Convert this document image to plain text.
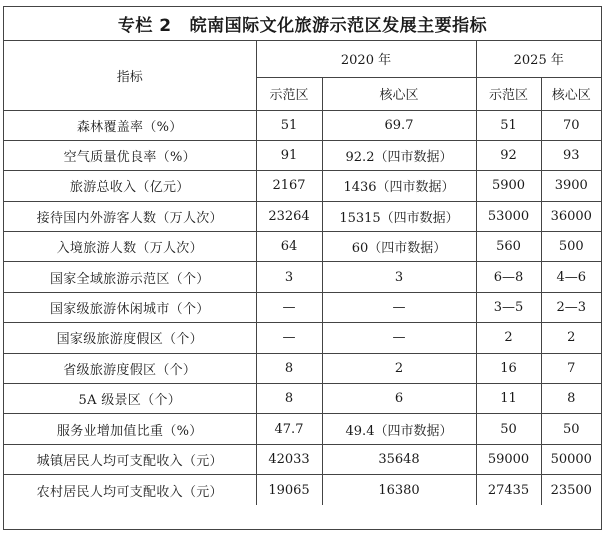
专栏 2 皖南国际文化旅游示范区发展主要指标
指标	2020 年		2025 年	
	示范区	核心区	示范区	核心区
森林覆盖率（%）	51	69.7	51	70
空气质量优良率（%）	91	92.2（四市数据）	92	93
旅游总收入（亿元）	2167	1436（四市数据）	5900	3900
接待国内外游客人数（万人次）	23264	15315（四市数据）	53000	36000
入境旅游人数（万人次）	64	60（四市数据）	560	500
国家全域旅游示范区（个）	3	3	6—8	4—6
国家级旅游休闲城市（个）	—	—	3—5	2—3
国家级旅游度假区（个）	—	—	2	2
省级旅游度假区（个）	8	2	16	7
5A 级景区（个）	8	6	11	8
服务业增加值比重（%）	47.7	49.4（四市数据）	50	50
城镇居民人均可支配收入（元）	42033	35648	59000	50000
农村居民人均可支配收入（元）	19065	16380	27435	23500
